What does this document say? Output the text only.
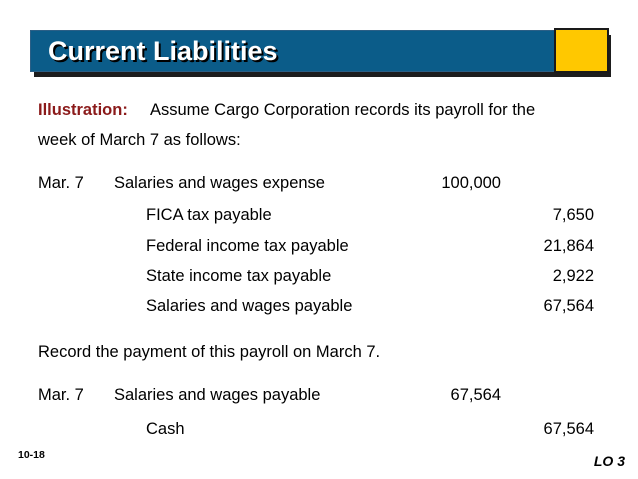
Current Liabilities
Illustration: Assume Cargo Corporation records its payroll for the
week of March 7 as follows:
Mar. 7 Salaries and wages expense	100,000
FICA tax payable	7,650
Federal income tax payable	21,864
State income tax payable	2,922
Salaries and wages payable	67,564
Record the payment of this payroll on March 7.
Mar. 7 Salaries and wages payable	67,564
Cash	67,564
10-18	LO 3
